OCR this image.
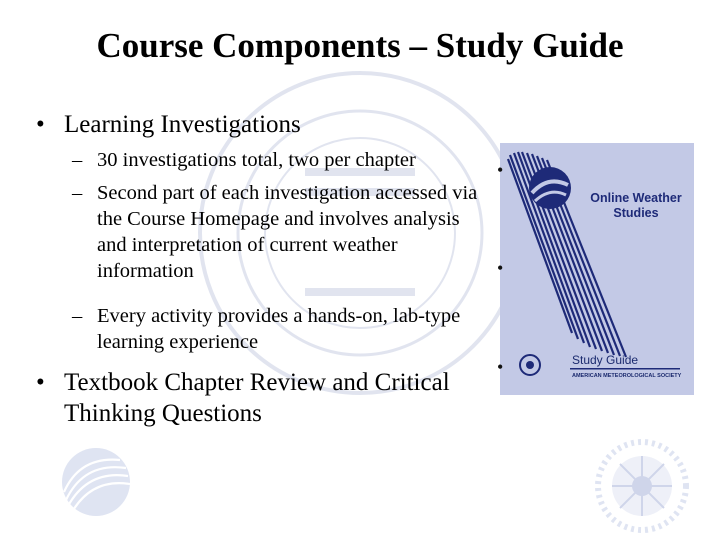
Course Components – Study Guide
• Learning Investigations
– 30 investigations total, two per chapter
– Second part of each investigation accessed via the Course Homepage and involves analysis and interpretation of current weather information
– Every activity provides a hands-on, lab-type learning experience
• Textbook Chapter Review and Critical Thinking Questions
Online Weather Studies
Study Guide
AMERICAN METEOROLOGICAL SOCIETY
•
•
•
